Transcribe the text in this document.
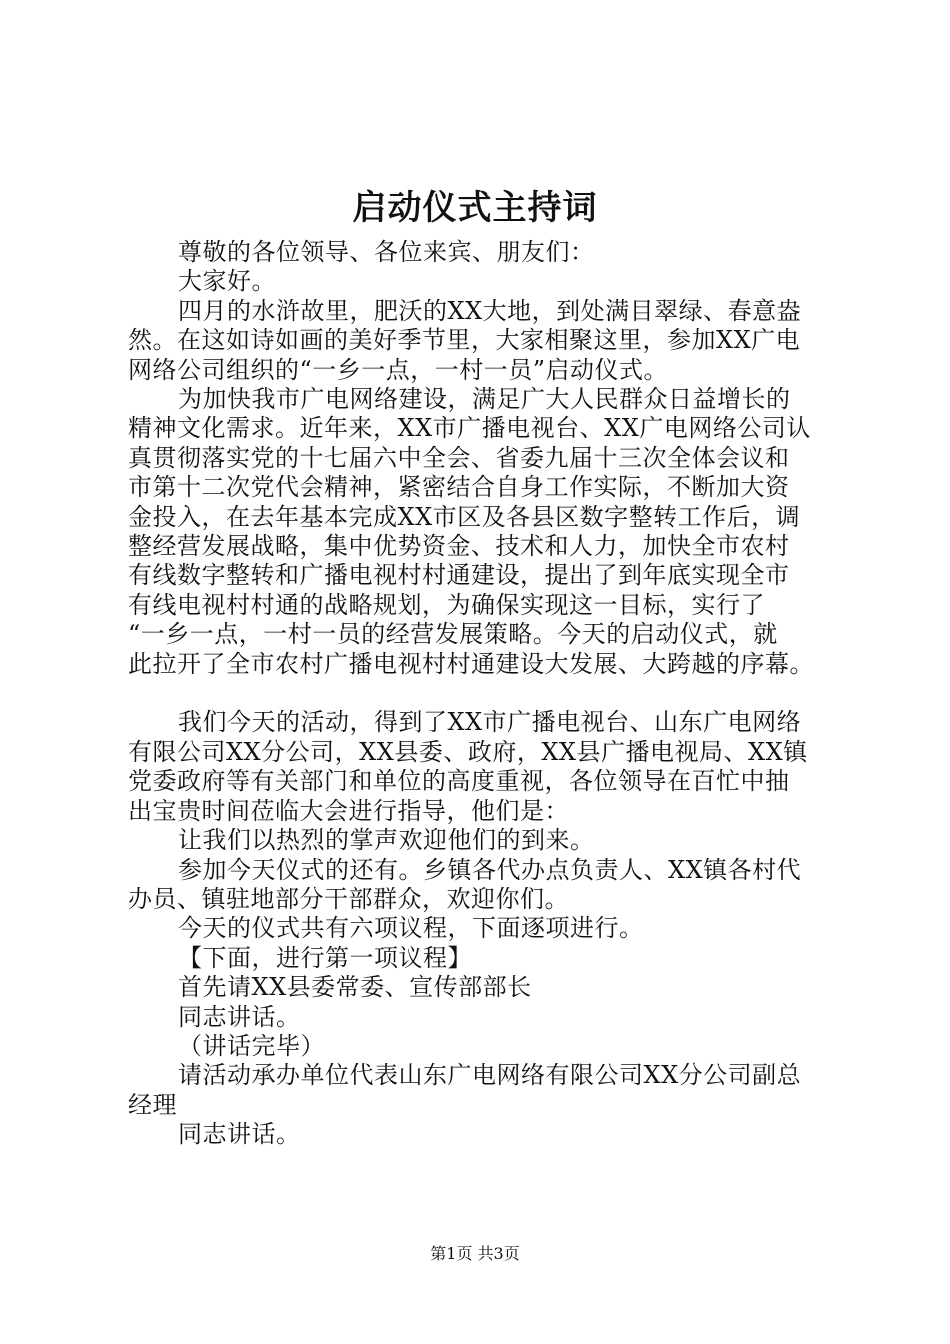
启动仪式主持词

尊敬的各位领导、各位来宾、朋友们：

大家好。

四月的水浒故里，肥沃的XX大地，到处满目翠绿、春意盎

然。在这如诗如画的美好季节里，大家相聚这里，参加XX广电

网络公司组织的“一乡一点，一村一员”启动仪式。

为加快我市广电网络建设，满足广大人民群众日益增长的

精神文化需求。近年来，XX市广播电视台、XX广电网络公司认

真贯彻落实党的十七届六中全会、省委九届十三次全体会议和

市第十二次党代会精神，紧密结合自身工作实际，不断加大资

金投入，在去年基本完成XX市区及各县区数字整转工作后，调

整经营发展战略，集中优势资金、技术和人力，加快全市农村

有线数字整转和广播电视村村通建设，提出了到年底实现全市

有线电视村村通的战略规划，为确保实现这一目标，实行了

“一乡一点，一村一员的经营发展策略。今天的启动仪式，就

此拉开了全市农村广播电视村村通建设大发展、大跨越的序幕。

我们今天的活动，得到了XX市广播电视台、山东广电网络

有限公司XX分公司，XX县委、政府，XX县广播电视局、XX镇

党委政府等有关部门和单位的高度重视，各位领导在百忙中抽

出宝贵时间莅临大会进行指导，他们是：

让我们以热烈的掌声欢迎他们的到来。

参加今天仪式的还有。乡镇各代办点负责人、XX镇各村代

办员、镇驻地部分干部群众，欢迎你们。

今天的仪式共有六项议程，下面逐项进行。

【下面，进行第一项议程】

首先请XX县委常委、宣传部部长

同志讲话。

（讲话完毕）

请活动承办单位代表山东广电网络有限公司XX分公司副总

经理

同志讲话。

第1页 共3页
